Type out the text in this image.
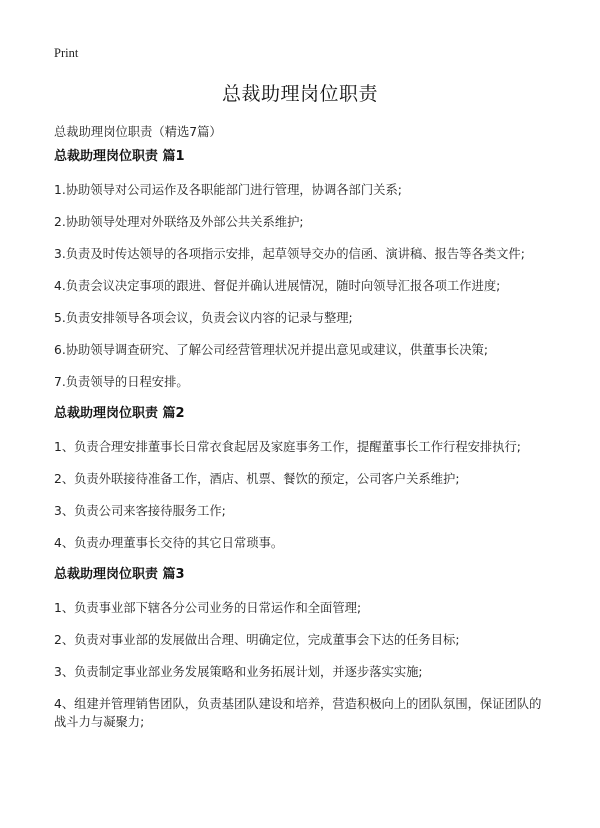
Print
总裁助理岗位职责
总裁助理岗位职责（精选7篇）
总裁助理岗位职责 篇1
1.协助领导对公司运作及各职能部门进行管理，协调各部门关系;
2.协助领导处理对外联络及外部公共关系维护;
3.负责及时传达领导的各项指示安排，起草领导交办的信函、演讲稿、报告等各类文件;
4.负责会议决定事项的跟进、督促并确认进展情况，随时向领导汇报各项工作进度;
5.负责安排领导各项会议，负责会议内容的记录与整理;
6.协助领导调查研究、了解公司经营管理状况并提出意见或建议，供董事长决策;
7.负责领导的日程安排。
总裁助理岗位职责 篇2
1、负责合理安排董事长日常衣食起居及家庭事务工作，提醒董事长工作行程安排执行;
2、负责外联接待准备工作，酒店、机票、餐饮的预定，公司客户关系维护;
3、负责公司来客接待服务工作;
4、负责办理董事长交待的其它日常琐事。
总裁助理岗位职责 篇3
1、负责事业部下辖各分公司业务的日常运作和全面管理;
2、负责对事业部的发展做出合理、明确定位，完成董事会下达的任务目标;
3、负责制定事业部业务发展策略和业务拓展计划，并逐步落实实施;
4、组建并管理销售团队，负责基团队建设和培养，营造积极向上的团队氛围，保证团队的战斗力与凝聚力;
